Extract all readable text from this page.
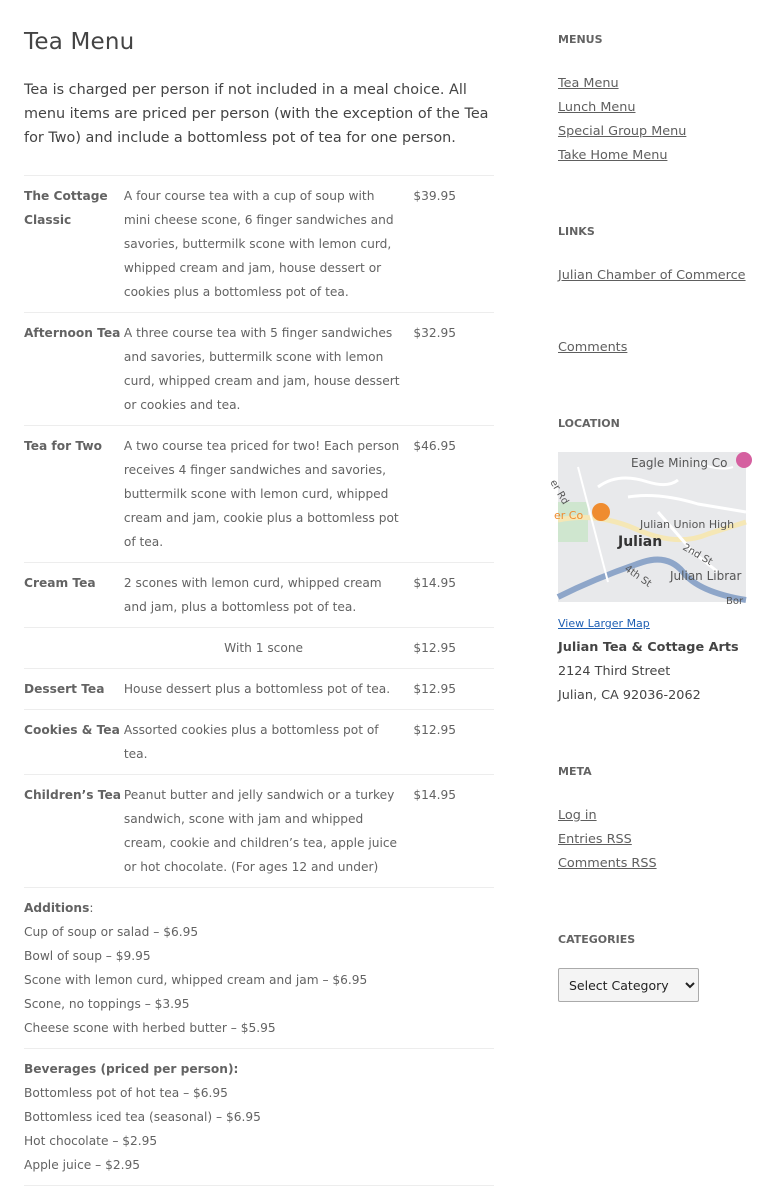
Tea Menu

Tea is charged per person if not included in a meal choice. All menu items are priced per person (with the exception of the Tea for Two) and include a bottomless pot of tea for one person.

The Cottage Classic	A four course tea with a cup of soup with mini cheese scone, 6 finger sandwiches and savories, buttermilk scone with lemon curd, whipped cream and jam, house dessert or cookies plus a bottomless pot of tea.	$39.95
Afternoon Tea	A three course tea with 5 finger sandwiches and savories, buttermilk scone with lemon curd, whipped cream and jam, house dessert or cookies and tea.	$32.95
Tea for Two	A two course tea priced for two! Each person receives 4 finger sandwiches and savories, buttermilk scone with lemon curd, whipped cream and jam, cookie plus a bottomless pot of tea.	$46.95
Cream Tea	2 scones with lemon curd, whipped cream and jam, plus a bottomless pot of tea.	$14.95
	With 1 scone	$12.95
Dessert Tea	House dessert plus a bottomless pot of tea.	$12.95
Cookies & Tea	Assorted cookies plus a bottomless pot of tea.	$12.95
Children’s Tea	Peanut butter and jelly sandwich or a turkey sandwich, scone with jam and whipped cream, cookie and children’s tea, apple juice or hot chocolate. (For ages 12 and under)	$14.95
Additions:
Cup of soup or salad – $6.95
Bowl of soup – $9.95
Scone with lemon curd, whipped cream and jam – $6.95
Scone, no toppings – $3.95
Cheese scone with herbed butter – $5.95
Beverages (priced per person):
Bottomless pot of hot tea – $6.95
Bottomless iced tea (seasonal) – $6.95
Hot chocolate – $2.95
Apple juice – $2.95
MENUS
Tea Menu
Lunch Menu
Special Group Menu
Take Home Menu
LINKS
Julian Chamber of Commerce
Comments
LOCATION
Eagle Mining Co
er Co
Julian Union High
Julian
2nd St
4th St Julian Librar
er Rd
Bor
View Larger Map
Julian Tea & Cottage Arts
2124 Third Street
Julian, CA 92036-2062
META
Log in
Entries RSS
Comments RSS
CATEGORIES
Select Category
